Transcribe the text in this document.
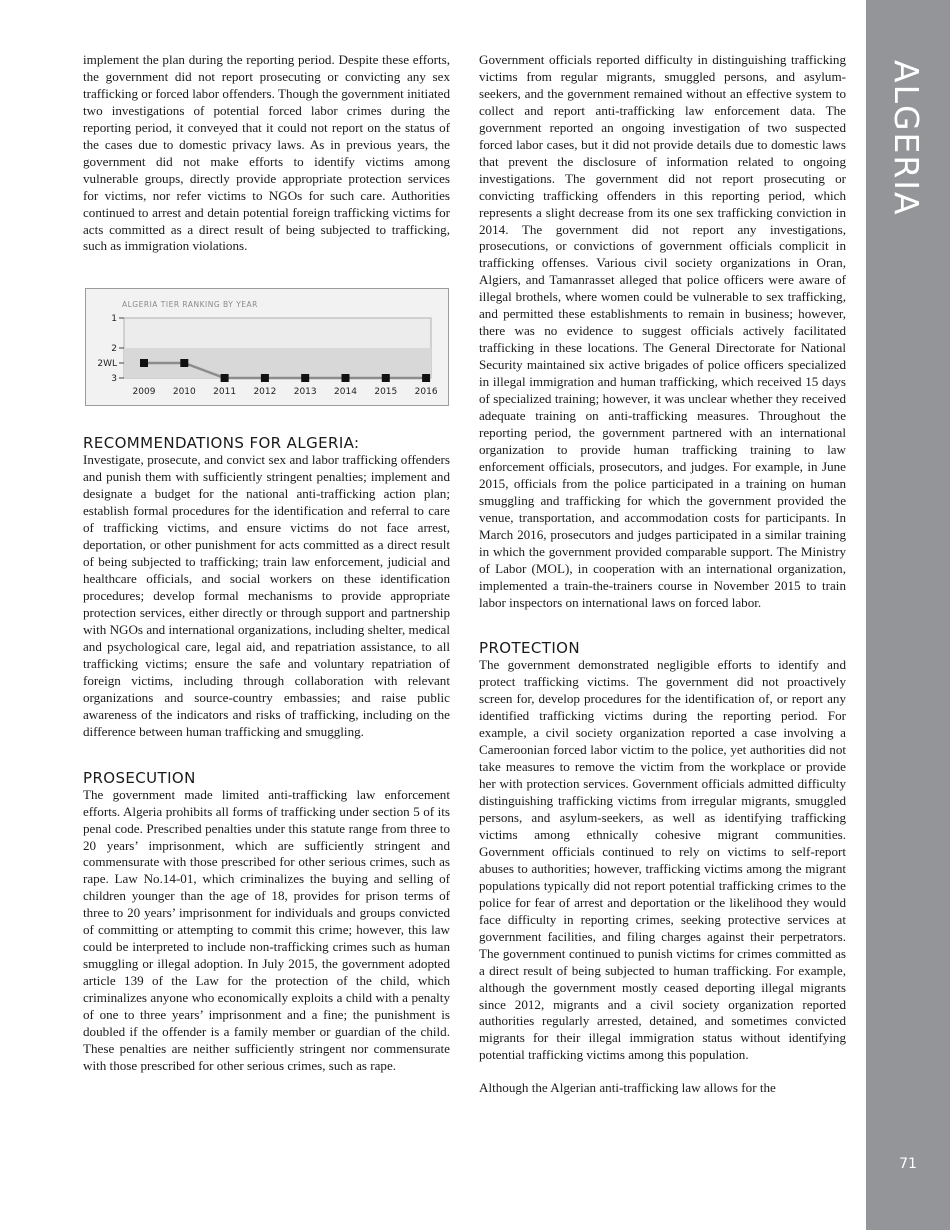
ALGERIA
71

implement the plan during the reporting period. Despite these efforts, the government did not report prosecuting or convicting any sex trafficking or forced labor offenders. Though the government initiated two investigations of potential forced labor crimes during the reporting period, it conveyed that it could not report on the status of the cases due to domestic privacy laws. As in previous years, the government did not make efforts to identify victims among vulnerable groups, directly provide appropriate protection services for victims, nor refer victims to NGOs for such care. Authorities continued to arrest and detain potential foreign trafficking victims for acts committed as a direct result of being subjected to trafficking, such as immigration violations.

ALGERIA TIER RANKING BY YEAR
1
2
2WL
3
2009 2010 2011 2012 2013 2014 2015 2016
RECOMMENDATIONS FOR ALGERIA:

Investigate, prosecute, and convict sex and labor trafficking offenders and punish them with sufficiently stringent penalties; implement and designate a budget for the national anti-trafficking action plan; establish formal procedures for the identification and referral to care of trafficking victims, and ensure victims do not face arrest, deportation, or other punishment for acts committed as a direct result of being subjected to trafficking; train law enforcement, judicial and healthcare officials, and social workers on these identification procedures; develop formal mechanisms to provide appropriate protection services, either directly or through support and partnership with NGOs and international organizations, including shelter, medical and psychological care, legal aid, and repatriation assistance, to all trafficking victims; ensure the safe and voluntary repatriation of foreign victims, including through collaboration with relevant organizations and source-country embassies; and raise public awareness of the indicators and risks of trafficking, including on the difference between human trafficking and smuggling.

PROSECUTION

The government made limited anti-trafficking law enforcement efforts. Algeria prohibits all forms of trafficking under section 5 of its penal code. Prescribed penalties under this statute range from three to 20 years’ imprisonment, which are sufficiently stringent and commensurate with those prescribed for other serious crimes, such as rape. Law No.14-01, which criminalizes the buying and selling of children younger than the age of 18, provides for prison terms of three to 20 years’ imprisonment for individuals and groups convicted of committing or attempting to commit this crime; however, this law could be interpreted to include non-trafficking crimes such as human smuggling or illegal adoption. In July 2015, the government adopted article 139 of the Law for the protection of the child, which criminalizes anyone who economically exploits a child with a penalty of one to three years’ imprisonment and a fine; the punishment is doubled if the offender is a family member or guardian of the child. These penalties are neither sufficiently stringent nor commensurate with those prescribed for other serious crimes, such as rape.

Government officials reported difficulty in distinguishing trafficking victims from regular migrants, smuggled persons, and asylum-seekers, and the government remained without an effective system to collect and report anti-trafficking law enforcement data. The government reported an ongoing investigation of two suspected forced labor cases, but it did not provide details due to domestic laws that prevent the disclosure of information related to ongoing investigations. The government did not report prosecuting or convicting trafficking offenders in this reporting period, which represents a slight decrease from its one sex trafficking conviction in 2014. The government did not report any investigations, prosecutions, or convictions of government officials complicit in trafficking offenses. Various civil society organizations in Oran, Algiers, and Tamanrasset alleged that police officers were aware of illegal brothels, where women could be vulnerable to sex trafficking, and permitted these establishments to remain in business; however, there was no evidence to suggest officials actively facilitated trafficking in these locations. The General Directorate for National Security maintained six active brigades of police officers specialized in illegal immigration and human trafficking, which received 15 days of specialized training; however, it was unclear whether they received adequate training on anti-trafficking measures. Throughout the reporting period, the government partnered with an international organization to provide human trafficking training to law enforcement officials, prosecutors, and judges. For example, in June 2015, officials from the police participated in a training on human smuggling and trafficking for which the government provided the venue, transportation, and accommodation costs for participants. In March 2016, prosecutors and judges participated in a similar training in which the government provided comparable support. The Ministry of Labor (MOL), in cooperation with an international organization, implemented a train-the-trainers course in November 2015 to train labor inspectors on international laws on forced labor.

PROTECTION

The government demonstrated negligible efforts to identify and protect trafficking victims. The government did not proactively screen for, develop procedures for the identification of, or report any identified trafficking victims during the reporting period. For example, a civil society organization reported a case involving a Cameroonian forced labor victim to the police, yet authorities did not take measures to remove the victim from the workplace or provide her with protection services. Government officials admitted difficulty distinguishing trafficking victims from irregular migrants, smuggled persons, and asylum-seekers, as well as identifying trafficking victims among ethnically cohesive migrant communities. Government officials continued to rely on victims to self-report abuses to authorities; however, trafficking victims among the migrant populations typically did not report potential trafficking crimes to the police for fear of arrest and deportation or the likelihood they would face difficulty in reporting crimes, seeking protective services at government facilities, and filing charges against their perpetrators. The government continued to punish victims for crimes committed as a direct result of being subjected to human trafficking. For example, although the government mostly ceased deporting illegal migrants since 2012, migrants and a civil society organization reported authorities regularly arrested, detained, and sometimes convicted migrants for their illegal immigration status without identifying potential trafficking victims among this population.

Although the Algerian anti-trafficking law allows for the
